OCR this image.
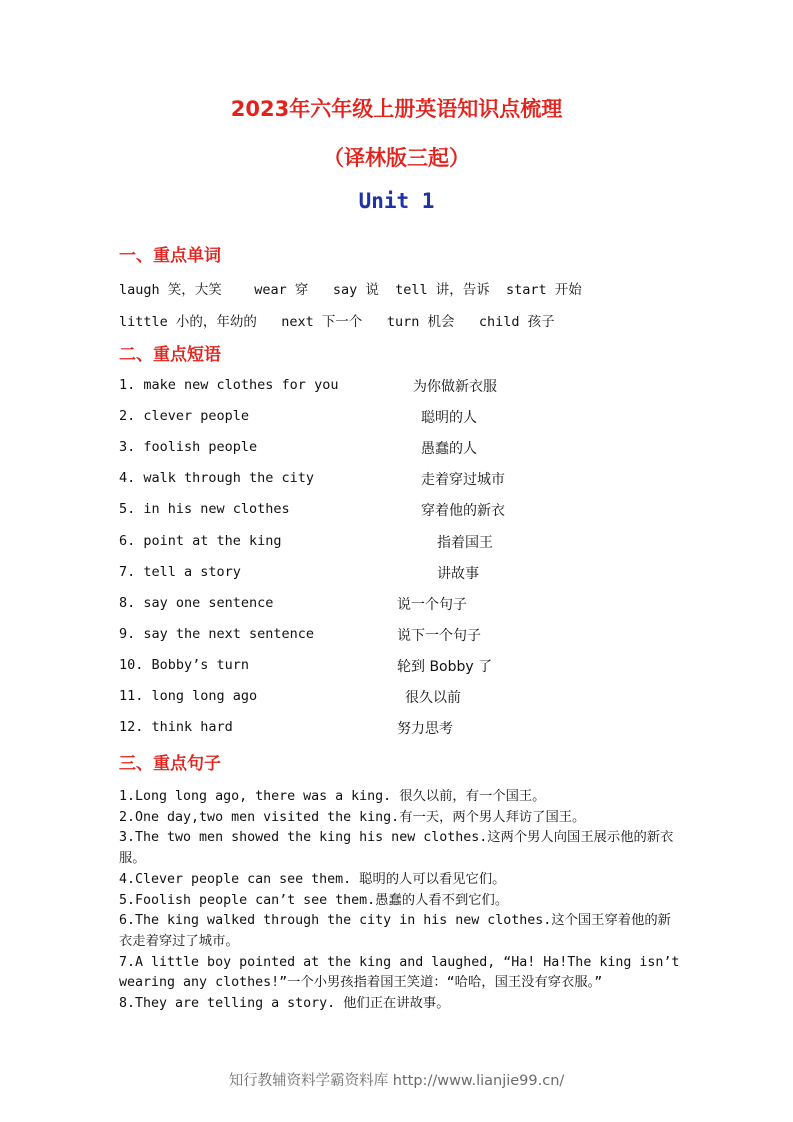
2023年六年级上册英语知识点梳理
（译林版三起）
Unit 1
一、重点单词
laugh 笑，大笑 wear 穿 say 说 tell 讲，告诉 start 开始
little 小的，年幼的 next 下一个 turn 机会 child 孩子
二、重点短语
1. make new clothes for you	为你做新衣服
2. clever people	聪明的人
3. foolish people	愚蠢的人
4. walk through the city	走着穿过城市
5. in his new clothes	穿着他的新衣
6. point at the king	指着国王
7. tell a story	讲故事
8. say one sentence	说一个句子
9. say the next sentence	说下一个句子
10. Bobby’s turn	轮到 Bobby 了
11. long long ago	很久以前
12. think hard	努力思考
三、重点句子
1.Long long ago, there was a king. 很久以前，有一个国王。
2.One day,two men visited the king.有一天，两个男人拜访了国王。
3.The two men showed the king his new clothes.这两个男人向国王展示他的新衣服。
4.Clever people can see them. 聪明的人可以看见它们。
5.Foolish people can’t see them.愚蠢的人看不到它们。
6.The king walked through the city in his new clothes.这个国王穿着他的新衣走着穿过了城市。
7.A little boy pointed at the king and laughed, “Ha! Ha!The king isn’t wearing any clothes!”一个小男孩指着国王笑道：“哈哈，国王没有穿衣服。”
8.They are telling a story. 他们正在讲故事。
知行教辅资料学霸资料库 http://www.lianjie99.cn/
